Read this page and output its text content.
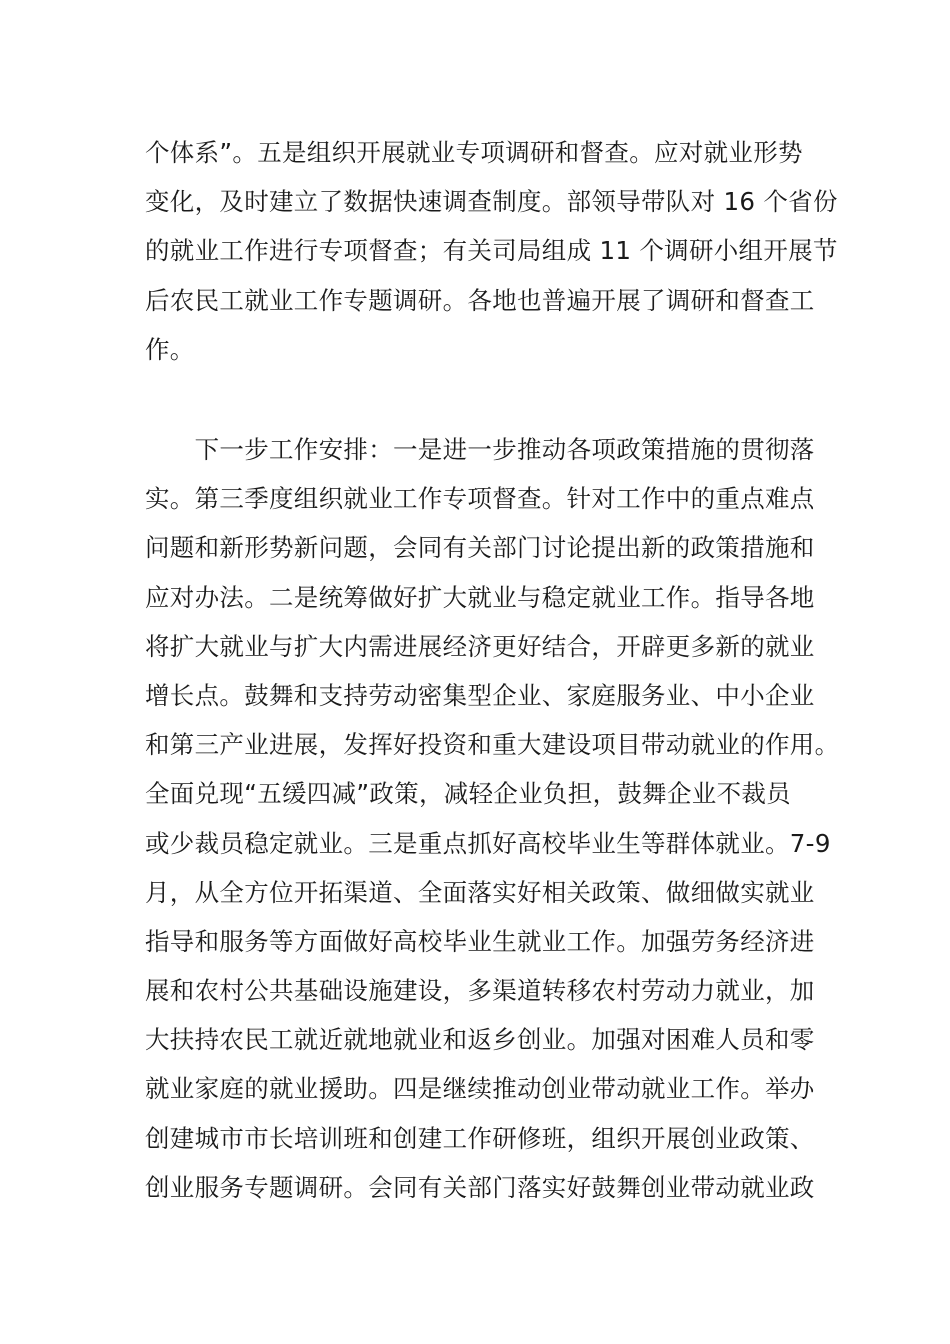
个体系”。五是组织开展就业专项调研和督查。应对就业形势
变化，及时建立了数据快速调查制度。部领导带队对 16 个省份
的就业工作进行专项督查；有关司局组成 11 个调研小组开展节
后农民工就业工作专题调研。各地也普遍开展了调研和督查工
作。
　　下一步工作安排：一是进一步推动各项政策措施的贯彻落
实。第三季度组织就业工作专项督查。针对工作中的重点难点
问题和新形势新问题，会同有关部门讨论提出新的政策措施和
应对办法。二是统筹做好扩大就业与稳定就业工作。指导各地
将扩大就业与扩大内需进展经济更好结合，开辟更多新的就业
增长点。鼓舞和支持劳动密集型企业、家庭服务业、中小企业
和第三产业进展，发挥好投资和重大建设项目带动就业的作用。
全面兑现“五缓四减”政策，减轻企业负担，鼓舞企业不裁员
或少裁员稳定就业。三是重点抓好高校毕业生等群体就业。7-9
月，从全方位开拓渠道、全面落实好相关政策、做细做实就业
指导和服务等方面做好高校毕业生就业工作。加强劳务经济进
展和农村公共基础设施建设，多渠道转移农村劳动力就业，加
大扶持农民工就近就地就业和返乡创业。加强对困难人员和零
就业家庭的就业援助。四是继续推动创业带动就业工作。举办
创建城市市长培训班和创建工作研修班，组织开展创业政策、
创业服务专题调研。会同有关部门落实好鼓舞创业带动就业政
